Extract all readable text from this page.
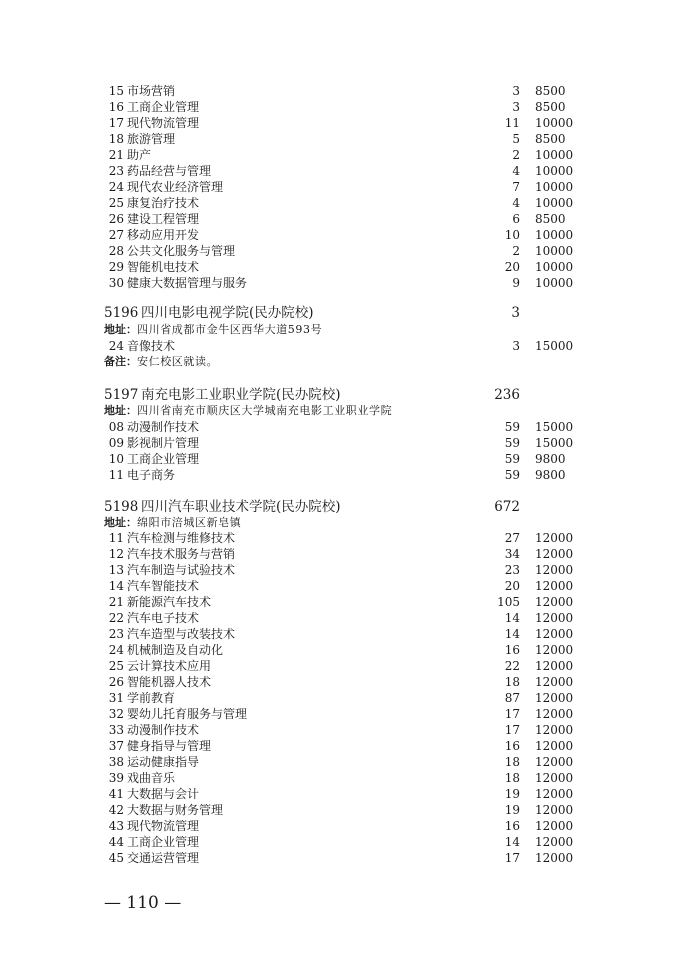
15 市场营销	3 8500
16 工商企业管理	3 8500
17 现代物流管理	11 10000
18 旅游管理	5 8500
21 助产	2 10000
23 药品经营与管理	4 10000
24 现代农业经济管理	7 10000
25 康复治疗技术	4 10000
26 建设工程管理	6 8500
27 移动应用开发	10 10000
28 公共文化服务与管理	2 10000
29 智能机电技术	20 10000
30 健康大数据管理与服务	9 10000
5196 四川电影电视学院(民办院校)	3
地址：四川省成都市金牛区西华大道593号
24 音像技术	3 15000
备注：安仁校区就读。
5197 南充电影工业职业学院(民办院校)	236
地址：四川省南充市顺庆区大学城南充电影工业职业学院
08 动漫制作技术	59 15000
09 影视制片管理	59 15000
10 工商企业管理	59 9800
11 电子商务	59 9800
5198 四川汽车职业技术学院(民办院校)	672
地址：绵阳市涪城区新皂镇
11 汽车检测与维修技术	27 12000
12 汽车技术服务与营销	34 12000
13 汽车制造与试验技术	23 12000
14 汽车智能技术	20 12000
21 新能源汽车技术	105 12000
22 汽车电子技术	14 12000
23 汽车造型与改装技术	14 12000
24 机械制造及自动化	16 12000
25 云计算技术应用	22 12000
26 智能机器人技术	18 12000
31 学前教育	87 12000
32 婴幼儿托育服务与管理	17 12000
33 动漫制作技术	17 12000
37 健身指导与管理	16 12000
38 运动健康指导	18 12000
39 戏曲音乐	18 12000
41 大数据与会计	19 12000
42 大数据与财务管理	19 12000
43 现代物流管理	16 12000
44 工商企业管理	14 12000
45 交通运营管理	17 12000
— 110 —
